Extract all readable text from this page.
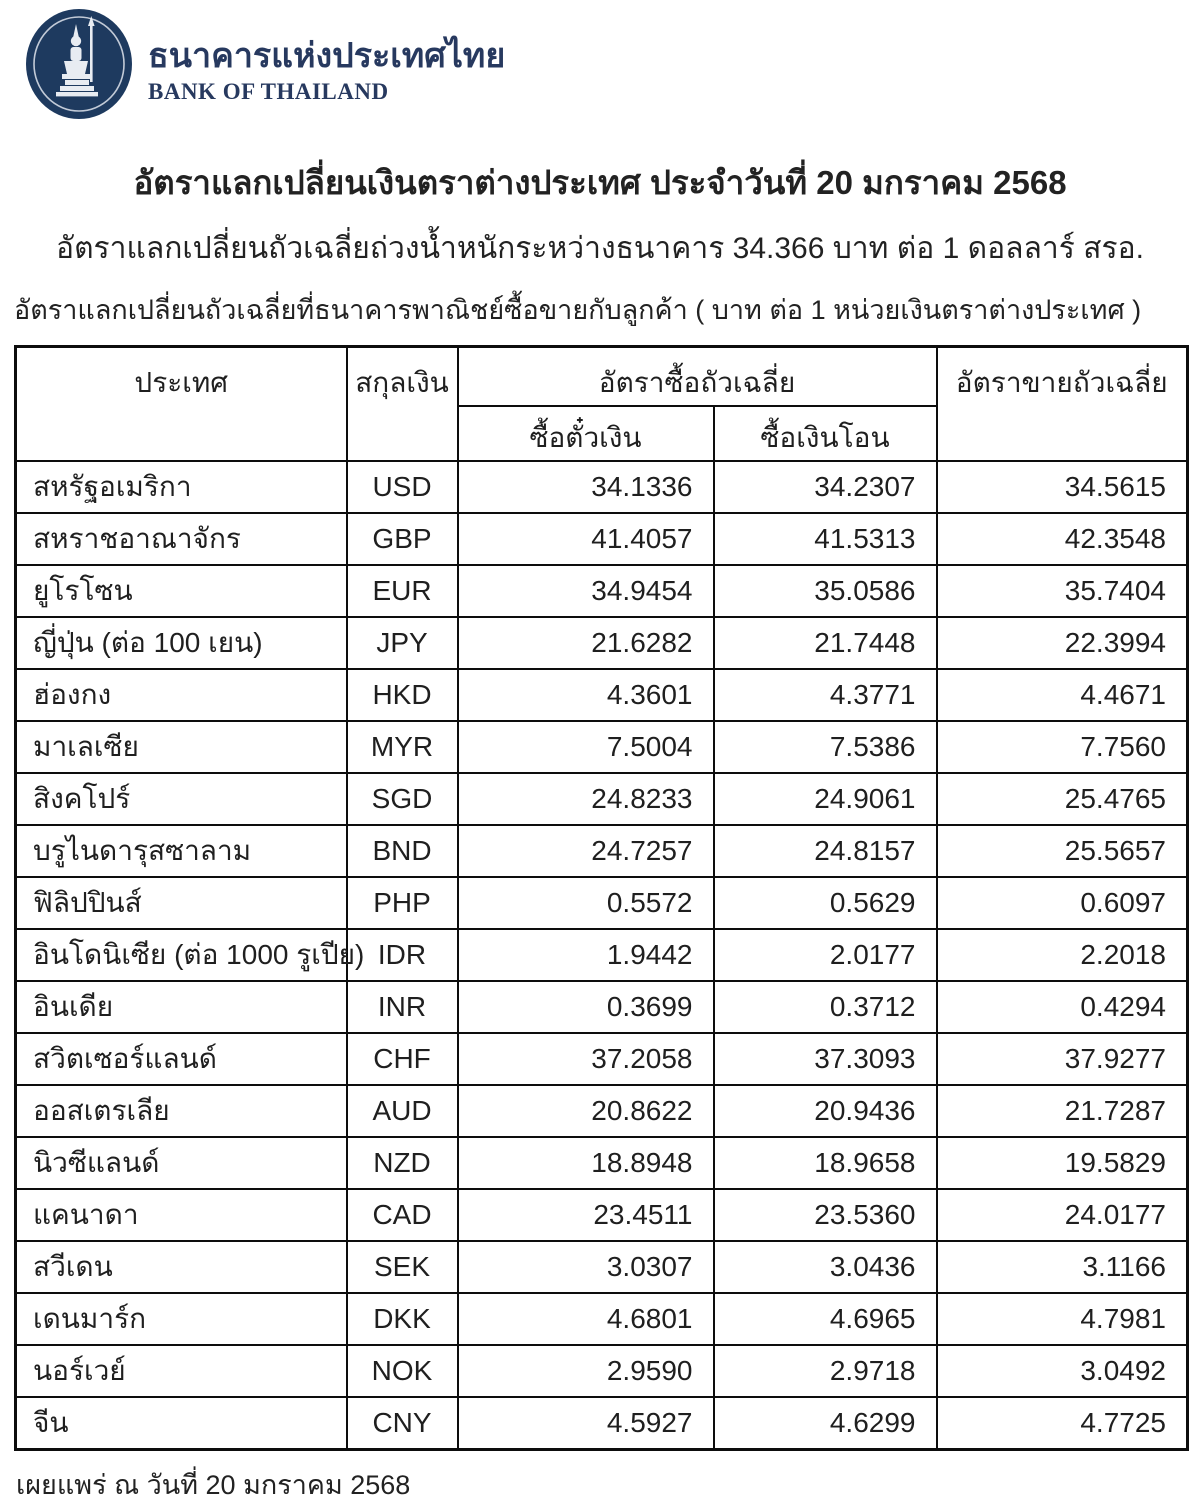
ธนาคารแห่งประเทศไทย
BANK OF THAILAND
อัตราแลกเปลี่ยนเงินตราต่างประเทศ ประจำวันที่ 20 มกราคม 2568
อัตราแลกเปลี่ยนถัวเฉลี่ยถ่วงน้ำหนักระหว่างธนาคาร 34.366 บาท ต่อ 1 ดอลลาร์ สรอ.
อัตราแลกเปลี่ยนถัวเฉลี่ยที่ธนาคารพาณิชย์ซื้อขายกับลูกค้า ( บาท ต่อ 1 หน่วยเงินตราต่างประเทศ )
ประเทศ	สกุลเงิน	อัตราซื้อถัวเฉลี่ย		อัตราขายถัวเฉลี่ย
		ซื้อตั๋วเงิน	ซื้อเงินโอน	
สหรัฐอเมริกา	USD	34.1336	34.2307	34.5615
สหราชอาณาจักร	GBP	41.4057	41.5313	42.3548
ยูโรโซน	EUR	34.9454	35.0586	35.7404
ญี่ปุ่น (ต่อ 100 เยน)	JPY	21.6282	21.7448	22.3994
ฮ่องกง	HKD	4.3601	4.3771	4.4671
มาเลเซีย	MYR	7.5004	7.5386	7.7560
สิงคโปร์	SGD	24.8233	24.9061	25.4765
บรูไนดารุสซาลาม	BND	24.7257	24.8157	25.5657
ฟิลิปปินส์	PHP	0.5572	0.5629	0.6097
อินโดนิเซีย (ต่อ 1000 รูเปีย)	IDR	1.9442	2.0177	2.2018
อินเดีย	INR	0.3699	0.3712	0.4294
สวิตเซอร์แลนด์	CHF	37.2058	37.3093	37.9277
ออสเตรเลีย	AUD	20.8622	20.9436	21.7287
นิวซีแลนด์	NZD	18.8948	18.9658	19.5829
แคนาดา	CAD	23.4511	23.5360	24.0177
สวีเดน	SEK	3.0307	3.0436	3.1166
เดนมาร์ก	DKK	4.6801	4.6965	4.7981
นอร์เวย์	NOK	2.9590	2.9718	3.0492
จีน	CNY	4.5927	4.6299	4.7725
เผยแพร่ ณ วันที่ 20 มกราคม 2568
